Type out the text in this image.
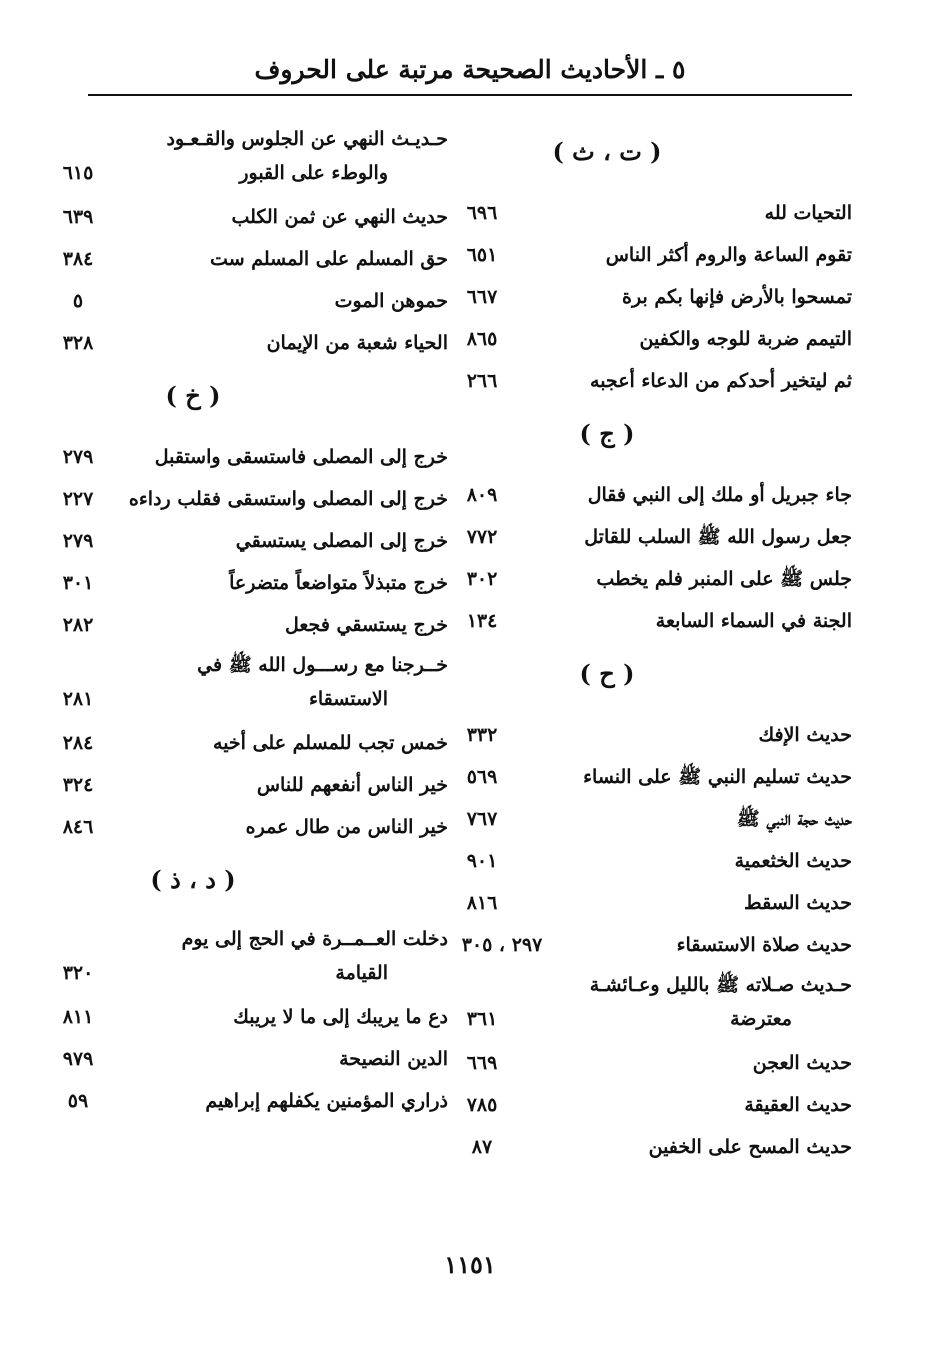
٥ ـ الأحاديث الصحيحة مرتبة على الحروف
( ت ، ث )
التحيات لله
٦٩٦
تقوم الساعة والروم أكثر الناس
٦٥١
تمسحوا بالأرض فإنها بكم برة
٦٦٧
التيمم ضربة للوجه والكفين
٨٦٥
ثم ليتخير أحدكم من الدعاء أعجبه
٢٦٦
( ج )
جاء جبريل أو ملك إلى النبي فقال
٨٠٩
جعل رسول الله ﷺ السلب للقاتل
٧٧٢
جلس ﷺ على المنبر فلم يخطب
٣٠٢
الجنة في السماء السابعة
١٣٤
( ح )
حديث الإفك
٣٣٢
حديث تسليم النبي ﷺ على النساء
٥٦٩
حديث حجة النبي ﷺ
٧٦٧
حديث الخثعمية
٩٠١
حديث السقط
٨١٦
حديث صلاة الاستسقاء
٢٩٧ ، ٣٠٥
حـديث صـلاته ﷺ بالليل وعـائشـة
معترضة
٣٦١
حديث العجن
٦٦٩
حديث العقيقة
٧٨٥
حديث المسح على الخفين
٨٧
حـديـث النهي عن الجلوس والقـعـود
والوطء على القبور
٦١٥
حديث النهي عن ثمن الكلب
٦٣٩
حق المسلم على المسلم ست
٣٨٤
حموهن الموت
٥
الحياء شعبة من الإيمان
٣٢٨
( خ )
خرج إلى المصلى فاستسقى واستقبل
٢٧٩
خرج إلى المصلى واستسقى فقلب رداءه
٢٢٧
خرج إلى المصلى يستسقي
٢٧٩
خرج متبذلاً متواضعاً متضرعاً
٣٠١
خرج يستسقي فجعل
٢٨٢
خــرجنا مع رســـول الله ﷺ في
الاستسقاء
٢٨١
خمس تجب للمسلم على أخيه
٢٨٤
خير الناس أنفعهم للناس
٣٢٤
خير الناس من طال عمره
٨٤٦
( د ، ذ )
دخلت العــمــرة في الحج إلى يوم
القيامة
٣٢٠
دع ما يريبك إلى ما لا يريبك
٨١١
الدين النصيحة
٩٧٩
ذراري المؤمنين يكفلهم إبراهيم
٥٩
١١٥١
